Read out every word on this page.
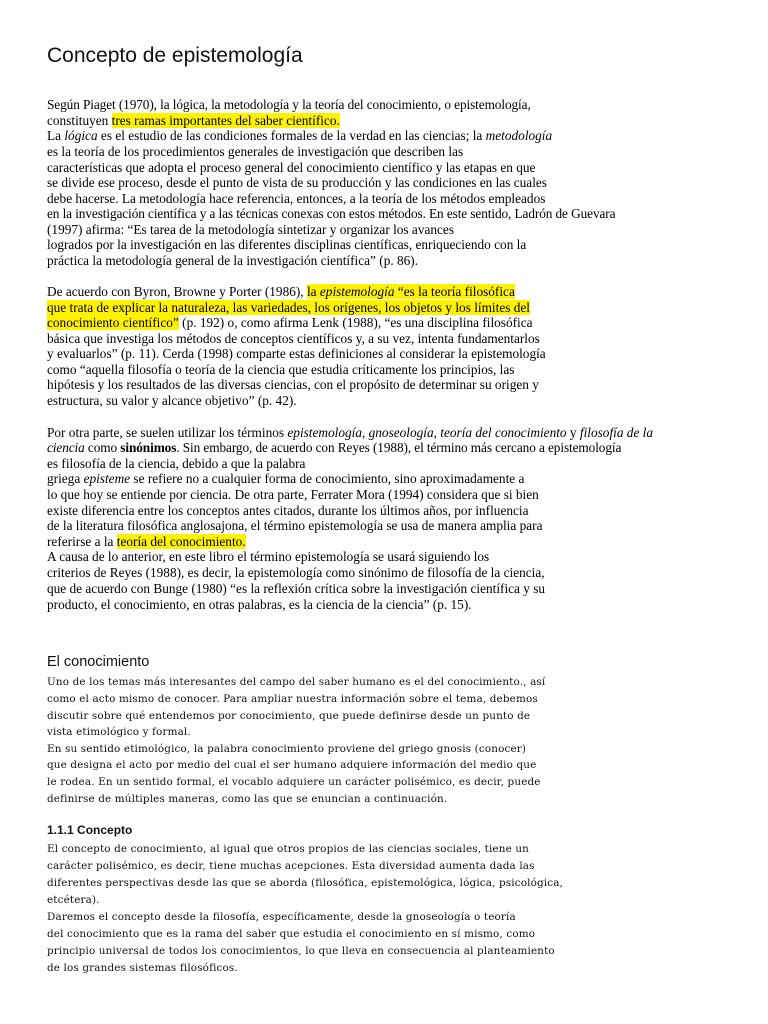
Concepto de epistemología

Según Piaget (1970), la lógica, la metodología y la teoría del conocimiento, o epistemología,

constituyen tres ramas importantes del saber científico.

La lógica es el estudio de las condiciones formales de la verdad en las ciencias; la metodología

es la teoría de los procedimientos generales de investigación que describen las

características que adopta el proceso general del conocimiento científico y las etapas en que

se divide ese proceso, desde el punto de vista de su producción y las condiciones en las cuales

debe hacerse. La metodología hace referencia, entonces, a la teoría de los métodos empleados

en la investigación científica y a las técnicas conexas con estos métodos. En este sentido, Ladrón de Guevara

(1997) afirma: “Es tarea de la metodología sintetizar y organizar los avances

logrados por la investigación en las diferentes disciplinas científicas, enriqueciendo con la

práctica la metodología general de la investigación científica” (p. 86).

De acuerdo con Byron, Browne y Porter (1986), la epistemología “es la teoría filosófica

que trata de explicar la naturaleza, las variedades, los orígenes, los objetos y los límites del

conocimiento científico” (p. 192) o, como afirma Lenk (1988), “es una disciplina filosófica

básica que investiga los métodos de conceptos científicos y, a su vez, intenta fundamentarlos

y evaluarlos” (p. 11). Cerda (1998) comparte estas definiciones al considerar la epistemología

como “aquella filosofía o teoría de la ciencia que estudia críticamente los principios, las

hipótesis y los resultados de las diversas ciencias, con el propósito de determinar su origen y

estructura, su valor y alcance objetivo” (p. 42).

Por otra parte, se suelen utilizar los términos epistemología, gnoseología, teoría del conocimiento y filosofía de la

ciencia como sinónimos. Sin embargo, de acuerdo con Reyes (1988), el término más cercano a epistemología

es filosofía de la ciencia, debido a que la palabra

griega episteme se refiere no a cualquier forma de conocimiento, sino aproximadamente a

lo que hoy se entiende por ciencia. De otra parte, Ferrater Mora (1994) considera que si bien

existe diferencia entre los conceptos antes citados, durante los últimos años, por influencia

de la literatura filosófica anglosajona, el término epistemología se usa de manera amplia para

referirse a la teoría del conocimiento.

A causa de lo anterior, en este libro el término epistemología se usará siguiendo los

criterios de Reyes (1988), es decir, la epistemología como sinónimo de filosofía de la ciencia,

que de acuerdo con Bunge (1980) “es la reflexión crítica sobre la investigación científica y su

producto, el conocimiento, en otras palabras, es la ciencia de la ciencia” (p. 15).

El conocimiento

Uno de los temas más interesantes del campo del saber humano es el del conocimiento., así

como el acto mismo de conocer. Para ampliar nuestra información sobre el tema, debemos

discutir sobre qué entendemos por conocimiento, que puede definirse desde un punto de

vista etimológico y formal.

En su sentido etimológico, la palabra conocimiento proviene del griego gnosis (conocer)

que designa el acto por medio del cual el ser humano adquiere información del medio que

le rodea. En un sentido formal, el vocablo adquiere un carácter polisémico, es decir, puede

definirse de múltiples maneras, como las que se enuncian a continuación.

1.1.1 Concepto

El concepto de conocimiento, al igual que otros propios de las ciencias sociales, tiene un

carácter polisémico, es decir, tiene muchas acepciones. Esta diversidad aumenta dada las

diferentes perspectivas desde las que se aborda (filosófica, epistemológica, lógica, psicológica,

etcétera).

Daremos el concepto desde la filosofía, específicamente, desde la gnoseología o teoría

del conocimiento que es la rama del saber que estudia el conocimiento en sí mismo, como

principio universal de todos los conocimientos, lo que lleva en consecuencia al planteamiento

de los grandes sistemas filosóficos.
